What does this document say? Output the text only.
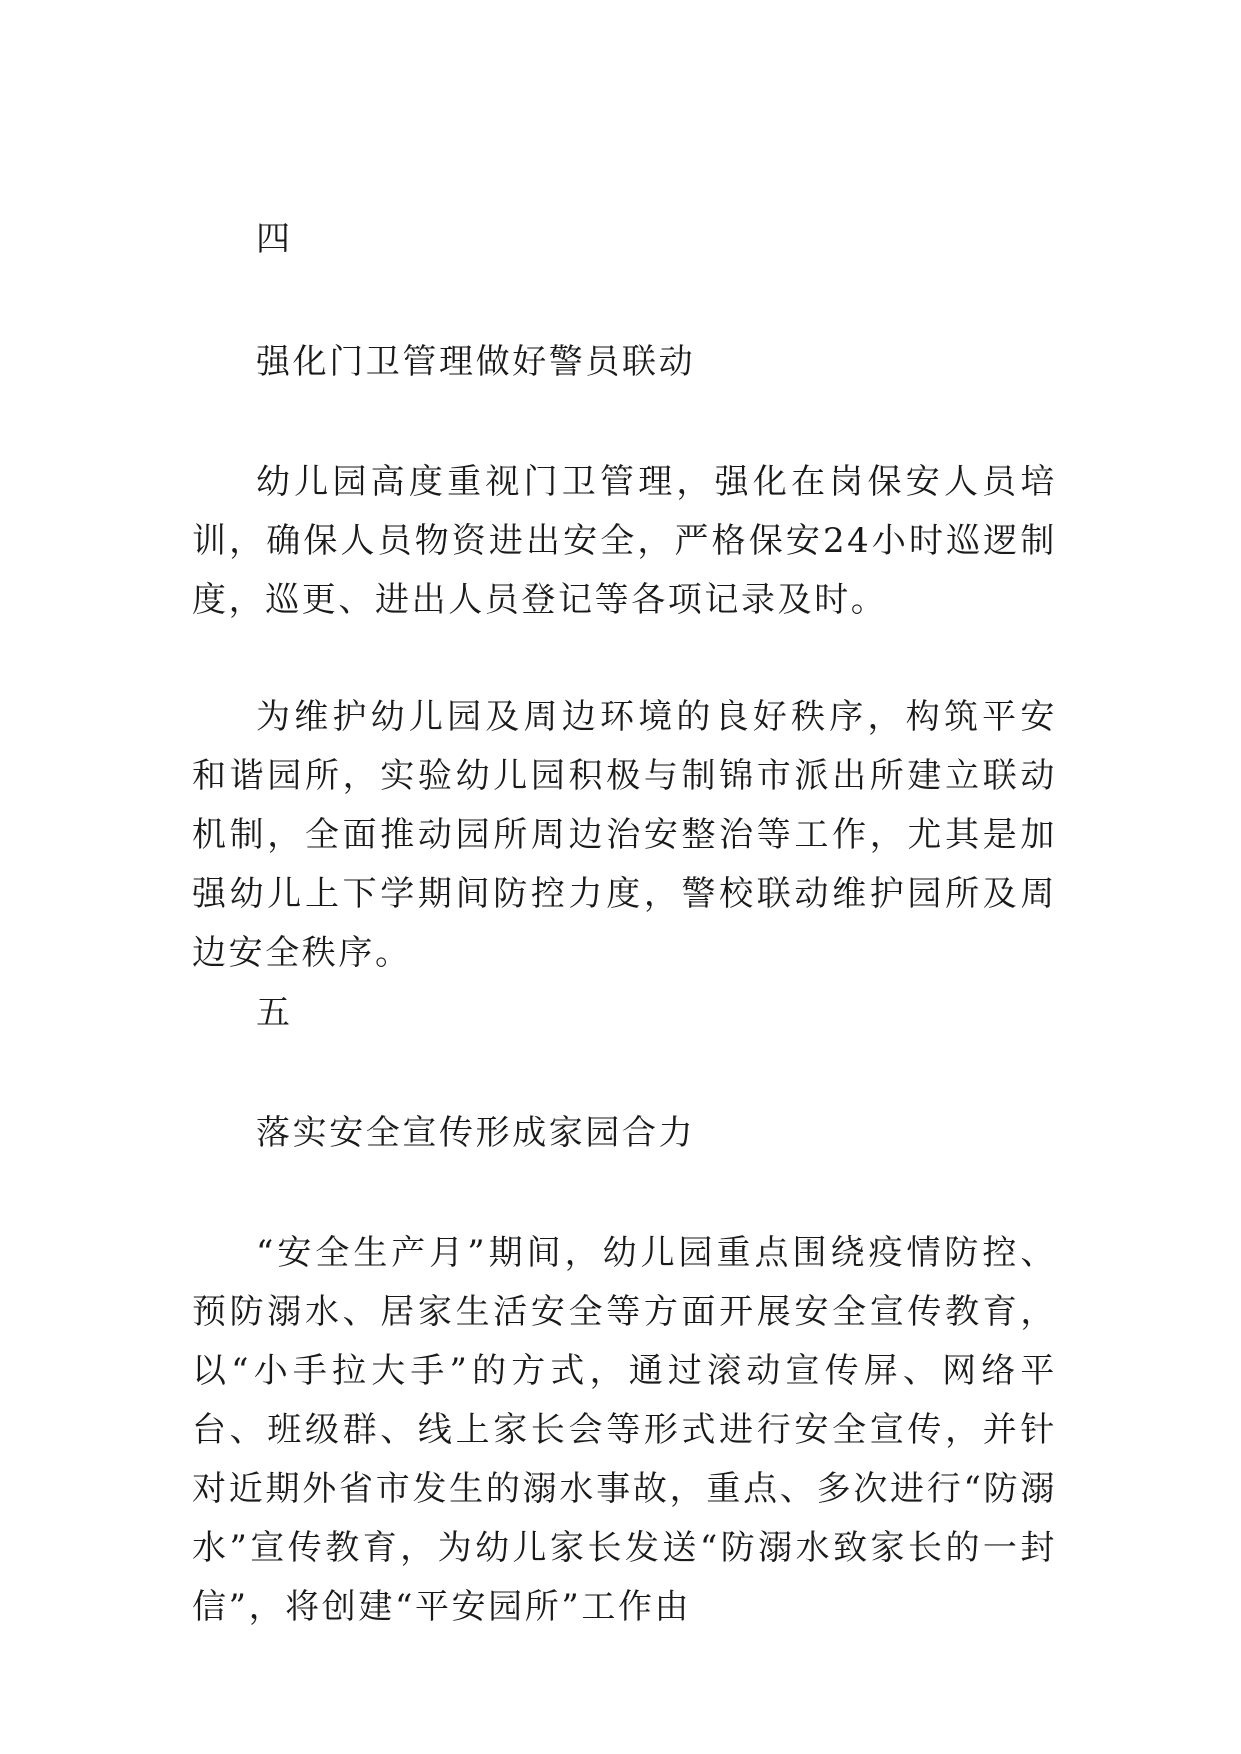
四

强化门卫管理做好警员联动

幼儿园高度重视门卫管理，强化在岗保安人员培训，确保人员物资进出安全，严格保安24小时巡逻制度，巡更、进出人员登记等各项记录及时。

为维护幼儿园及周边环境的良好秩序，构筑平安和谐园所，实验幼儿园积极与制锦市派出所建立联动机制，全面推动园所周边治安整治等工作，尤其是加强幼儿上下学期间防控力度，警校联动维护园所及周边安全秩序。

五

落实安全宣传形成家园合力

“安全生产月”期间，幼儿园重点围绕疫情防控、预防溺水、居家生活安全等方面开展安全宣传教育，以“小手拉大手”的方式，通过滚动宣传屏、网络平台、班级群、线上家长会等形式进行安全宣传，并针对近期外省市发生的溺水事故，重点、多次进行“防溺水”宣传教育，为幼儿家长发送“防溺水致家长的一封信”，将创建“平安园所”工作由
